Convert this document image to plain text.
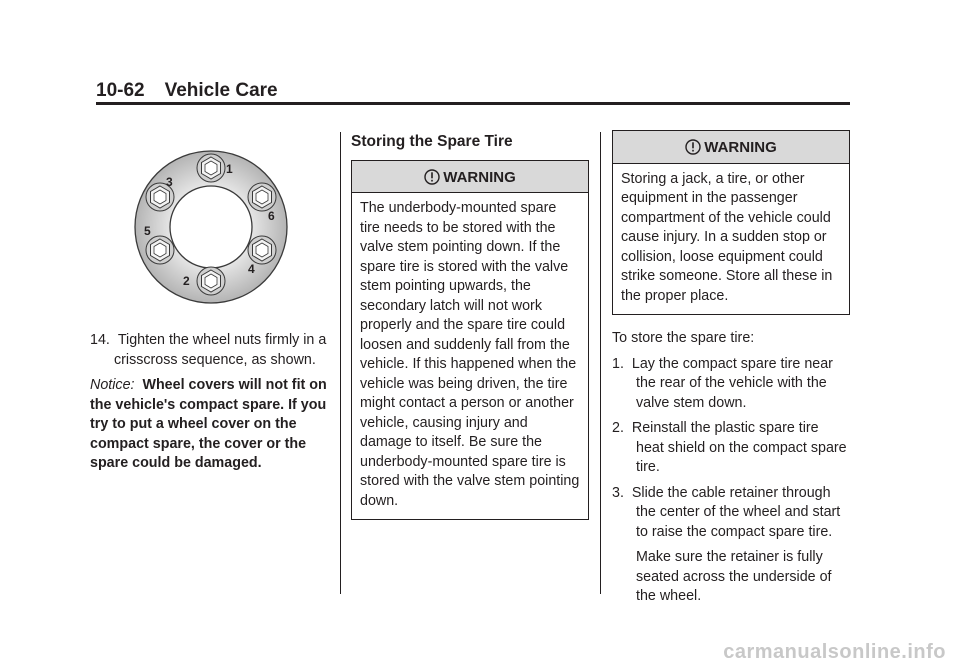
10-62 Vehicle Care
1
2
3
4
5
6

14. Tighten the wheel nuts firmly in a crisscross sequence, as shown.

Notice: Wheel covers will not fit on the vehicle's compact spare. If you try to put a wheel cover on the compact spare, the cover or the spare could be damaged.

Storing the Spare Tire
WARNING
The underbody-mounted spare tire needs to be stored with the valve stem pointing down. If the spare tire is stored with the valve stem pointing upwards, the secondary latch will not work properly and the spare tire could loosen and suddenly fall from the vehicle. If this happened when the vehicle was being driven, the tire might contact a person or another vehicle, causing injury and damage to itself. Be sure the underbody-mounted spare tire is stored with the valve stem pointing down.
WARNING
Storing a jack, a tire, or other equipment in the passenger compartment of the vehicle could cause injury. In a sudden stop or collision, loose equipment could strike someone. Store all these in the proper place.

To store the spare tire:

1. Lay the compact spare tire near the rear of the vehicle with the valve stem down.

2. Reinstall the plastic spare tire heat shield on the compact spare tire.

3. Slide the cable retainer through the center of the wheel and start to raise the compact spare tire.

Make sure the retainer is fully seated across the underside of the wheel.

carmanualsonline.info
